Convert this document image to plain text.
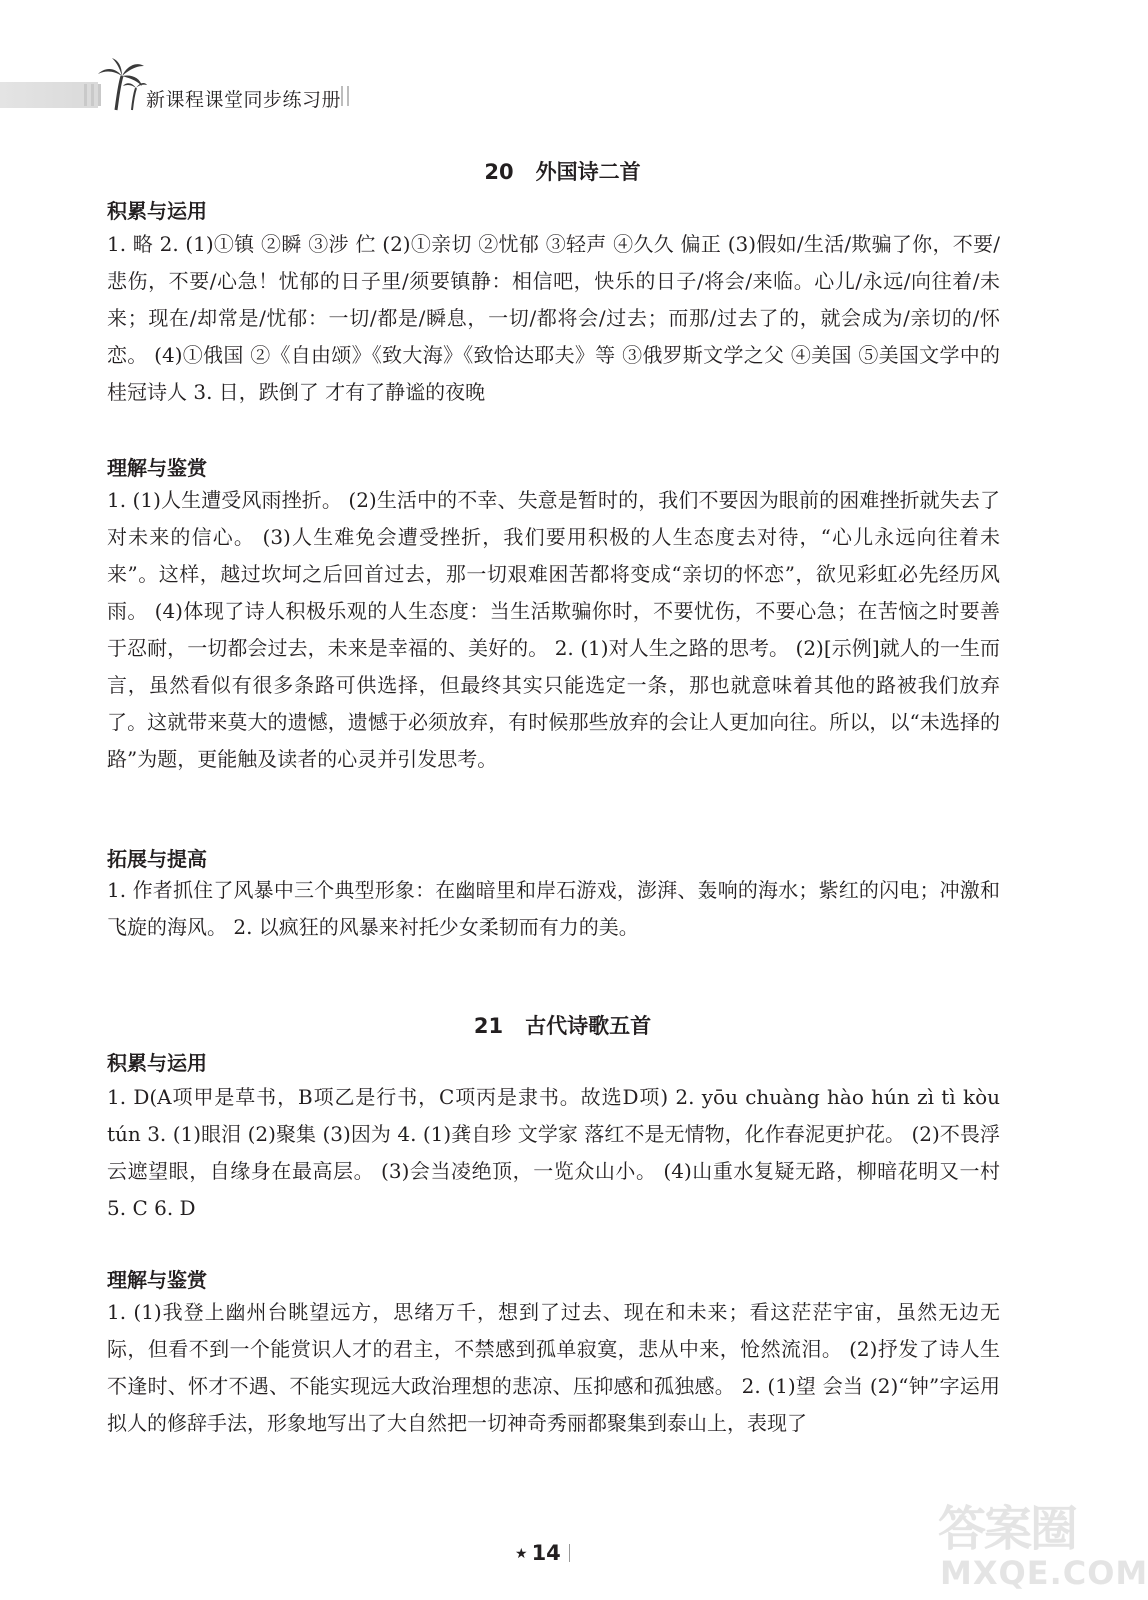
新课程课堂同步练习册
20 外国诗二首
积累与运用
1. 略 2. (1)①镇 ②瞬 ③涉 伫 (2)①亲切 ②忧郁 ③轻声 ④久久 偏正 (3)假如/生活/欺骗了你，不要/悲伤，不要/心急！忧郁的日子里/须要镇静：相信吧，快乐的日子/将会/来临。心儿/永远/向往着/未来；现在/却常是/忧郁：一切/都是/瞬息，一切/都将会/过去；而那/过去了的，就会成为/亲切的/怀恋。 (4)①俄国 ②《自由颂》《致大海》《致恰达耶夫》等 ③俄罗斯文学之父 ④美国 ⑤美国文学中的桂冠诗人 3. 日，跌倒了 才有了静谧的夜晚
理解与鉴赏
1. (1)人生遭受风雨挫折。 (2)生活中的不幸、失意是暂时的，我们不要因为眼前的困难挫折就失去了对未来的信心。 (3)人生难免会遭受挫折，我们要用积极的人生态度去对待，“心儿永远向往着未来”。这样，越过坎坷之后回首过去，那一切艰难困苦都将变成“亲切的怀恋”，欲见彩虹必先经历风雨。 (4)体现了诗人积极乐观的人生态度：当生活欺骗你时，不要忧伤，不要心急；在苦恼之时要善于忍耐，一切都会过去，未来是幸福的、美好的。 2. (1)对人生之路的思考。 (2)[示例]就人的一生而言，虽然看似有很多条路可供选择，但最终其实只能选定一条，那也就意味着其他的路被我们放弃了。这就带来莫大的遗憾，遗憾于必须放弃，有时候那些放弃的会让人更加向往。所以，以“未选择的路”为题，更能触及读者的心灵并引发思考。
拓展与提高
1. 作者抓住了风暴中三个典型形象：在幽暗里和岸石游戏，澎湃、轰响的海水；紫红的闪电；冲激和飞旋的海风。 2. 以疯狂的风暴来衬托少女柔韧而有力的美。
21 古代诗歌五首
积累与运用
1. D(A项甲是草书，B项乙是行书，C项丙是隶书。故选D项) 2. yōu chuàng hào hún zì tì kòu tún 3. (1)眼泪 (2)聚集 (3)因为 4. (1)龚自珍 文学家 落红不是无情物，化作春泥更护花。 (2)不畏浮云遮望眼，自缘身在最高层。 (3)会当凌绝顶，一览众山小。 (4)山重水复疑无路，柳暗花明又一村 5. C 6. D
理解与鉴赏
1. (1)我登上幽州台眺望远方，思绪万千，想到了过去、现在和未来；看这茫茫宇宙，虽然无边无际，但看不到一个能赏识人才的君主，不禁感到孤单寂寞，悲从中来，怆然流泪。 (2)抒发了诗人生不逢时、怀才不遇、不能实现远大政治理想的悲凉、压抑感和孤独感。 2. (1)望 会当 (2)“钟”字运用拟人的修辞手法，形象地写出了大自然把一切神奇秀丽都聚集到泰山上，表现了
★ 14	答案圈
MXQE.COM
